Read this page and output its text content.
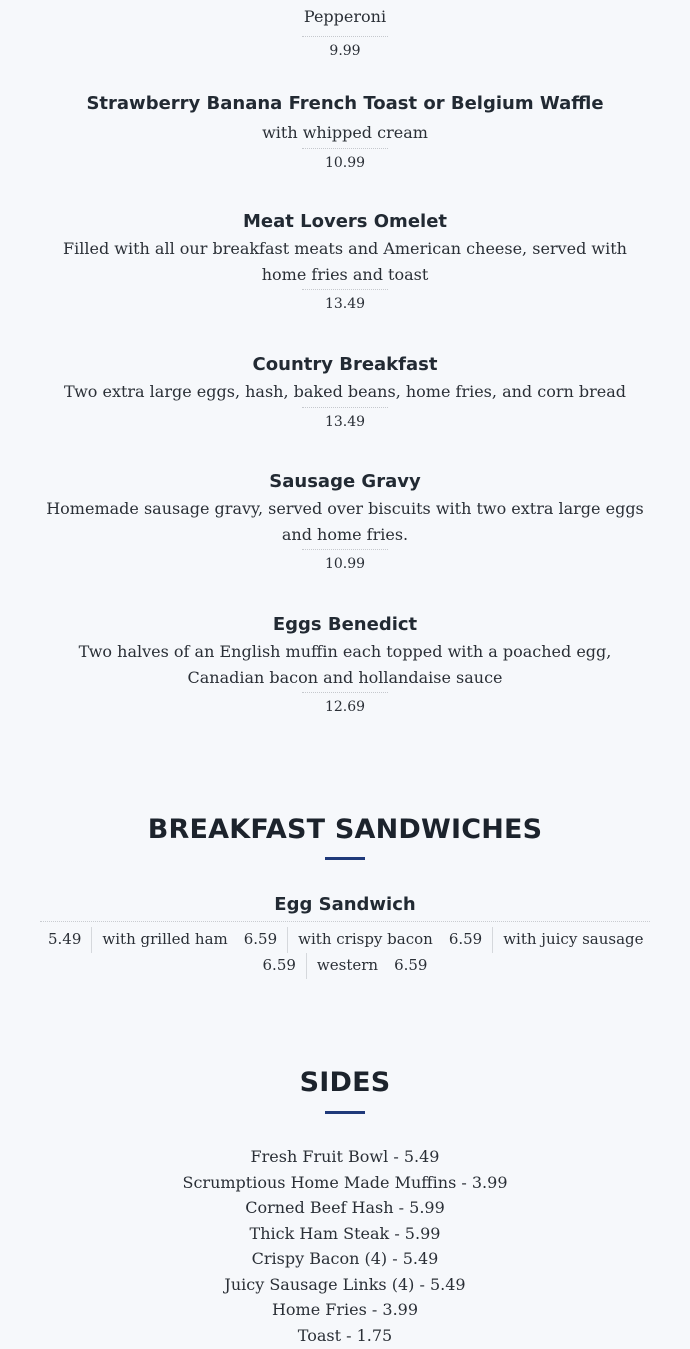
Pepperoni
9.99
Strawberry Banana French Toast or Belgium Waffle
with whipped cream
10.99
Meat Lovers Omelet
Filled with all our breakfast meats and American cheese, served with home fries and toast
13.49
Country Breakfast
Two extra large eggs, hash, baked beans, home fries, and corn bread
13.49
Sausage Gravy
Homemade sausage gravy, served over biscuits with two extra large eggs and home fries.
10.99
Eggs Benedict
Two halves of an English muffin each topped with a poached egg, Canadian bacon and hollandaise sauce
12.69
BREAKFAST SANDWICHES
Egg Sandwich
5.49 with grilled ham 6.59 with crispy bacon 6.59 with juicy sausage
6.59 western 6.59
SIDES
Fresh Fruit Bowl - 5.49
Scrumptious Home Made Muffins - 3.99
Corned Beef Hash - 5.99
Thick Ham Steak - 5.99
Crispy Bacon (4) - 5.49
Juicy Sausage Links (4) - 5.49
Home Fries - 3.99
Toast - 1.75
